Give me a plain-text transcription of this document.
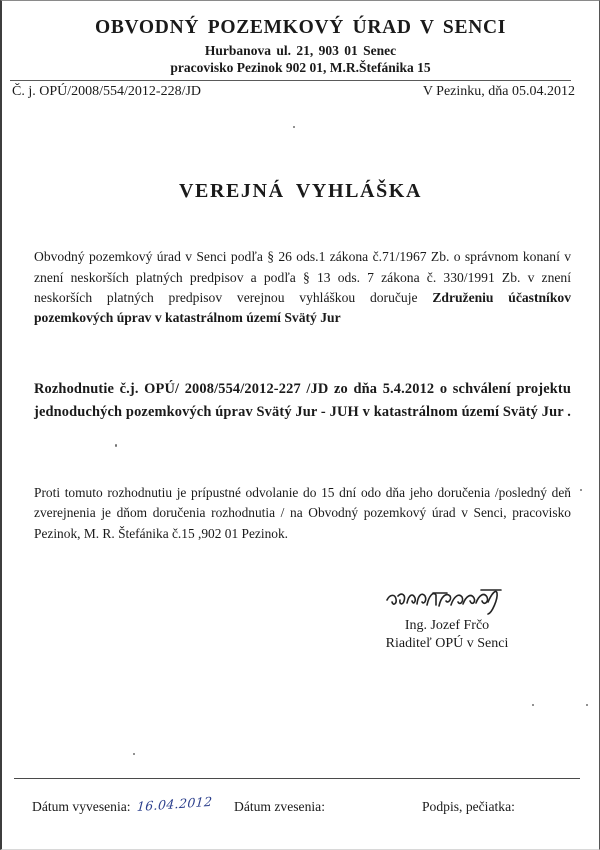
OBVODNÝ POZEMKOVÝ ÚRAD V SENCI
Hurbanova ul. 21, 903 01 Senec
pracovisko Pezinok 902 01, M.R.Štefánika 15
Č. j. OPÚ/2008/554/2012-228/JD	V Pezinku, dňa 05.04.2012
VEREJNÁ VYHLÁŠKA

Obvodný pozemkový úrad v Senci podľa § 26 ods.1 zákona č.71/1967 Zb. o správnom konaní v znení neskorších platných predpisov a podľa § 13 ods. 7 zákona č. 330/1991 Zb. v znení neskorších platných predpisov verejnou vyhláškou doručuje Združeniu účastníkov pozemkových úprav v katastrálnom území Svätý Jur

Rozhodnutie č.j. OPÚ/ 2008/554/2012-227 /JD zo dňa 5.4.2012 o schválení projektu jednoduchých pozemkových úprav Svätý Jur - JUH v katastrálnom území Svätý Jur .

Proti tomuto rozhodnutiu je prípustné odvolanie do 15 dní odo dňa jeho doručenia /posledný deň zverejnenia je dňom doručenia rozhodnutia / na Obvodný pozemkový úrad v Senci, pracovisko Pezinok, M. R. Štefánika č.15 ,902 01 Pezinok.

Ing. Jozef Frčo
Riaditeľ OPÚ v Senci
Dátum vyvesenia: 16.04.2012 Dátum zvesenia:	Podpis, pečiatka:
